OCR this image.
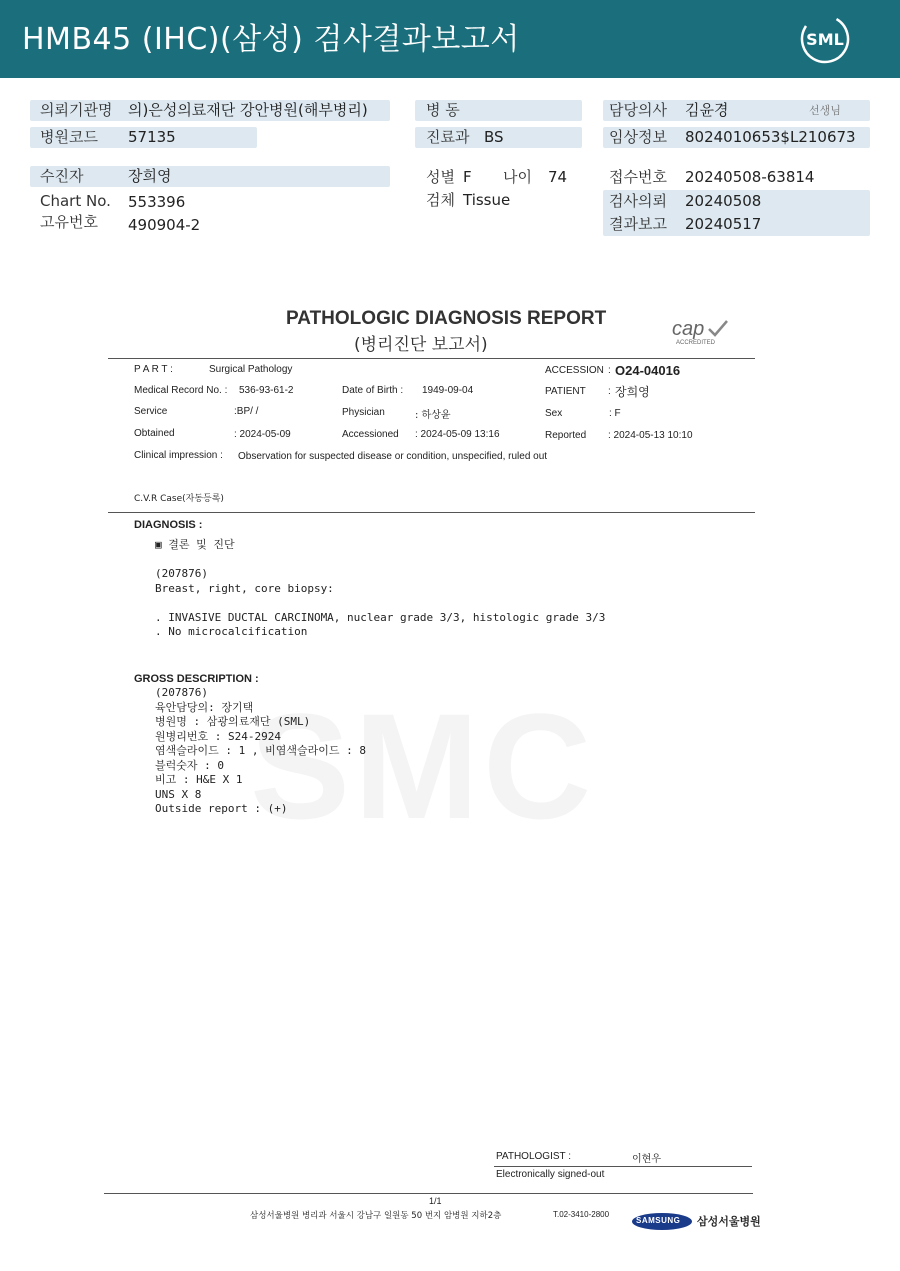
HMB45 (IHC)(삼성) 검사결과보고서	SML
의뢰기관명 의)은성의료재단 강안병원(해부병리)
병원코드 57135
병 동
진료과 BS
담당의사 김윤경	선생님
임상정보 8024010653$L210673
수진자	장희영
Chart No. 553396
고유번호 490904-2
성별 F 나이 74
검체 Tissue
접수번호 20240508-63814
검사의뢰 20240508
결과보고 20240517
PATHOLOGIC DIAGNOSIS REPORT
(병리진단 보고서)
cap
ACCREDITED
P A R T :	Surgical Pathology
Medical Record No. : 536-93-61-2	Date of Birth : 1949-09-04
ACCESSION : O24-04016
PATIENT : 장희영
Service	:BP/ /	Physician	: 하상윤	Sex	: F
Obtained	: 2024-05-09	Accessioned : 2024-05-09 13:16	Reported : 2024-05-13 10:10
Clinical impression : Observation for suspected disease or condition, unspecified, ruled out
C.V.R Case(자동등록)
DIAGNOSIS :
▣ 결론 및 진단
(207876)
Breast, right, core biopsy:
. INVASIVE DUCTAL CARCINOMA, nuclear grade 3/3, histologic grade 3/3
. No microcalcification
GROSS DESCRIPTION :
(207876)
육안담당의: 장기택
병원명 : 삼광의료재단 (SML)
원병리번호 : S24-2924
염색슬라이드 : 1 , 비염색슬라이드 : 8
블럭숫자 : 0
비고 : H&E X 1
UNS X 8
Outside report : (+)
PATHOLOGIST :	이현우
Electronically signed-out
1/1
삼성서울병원 병리과 서울시 강남구 일원동 50 번지 암병원 지하2층	T.02-3410-2800
SAMSUNG 삼성서울병원
